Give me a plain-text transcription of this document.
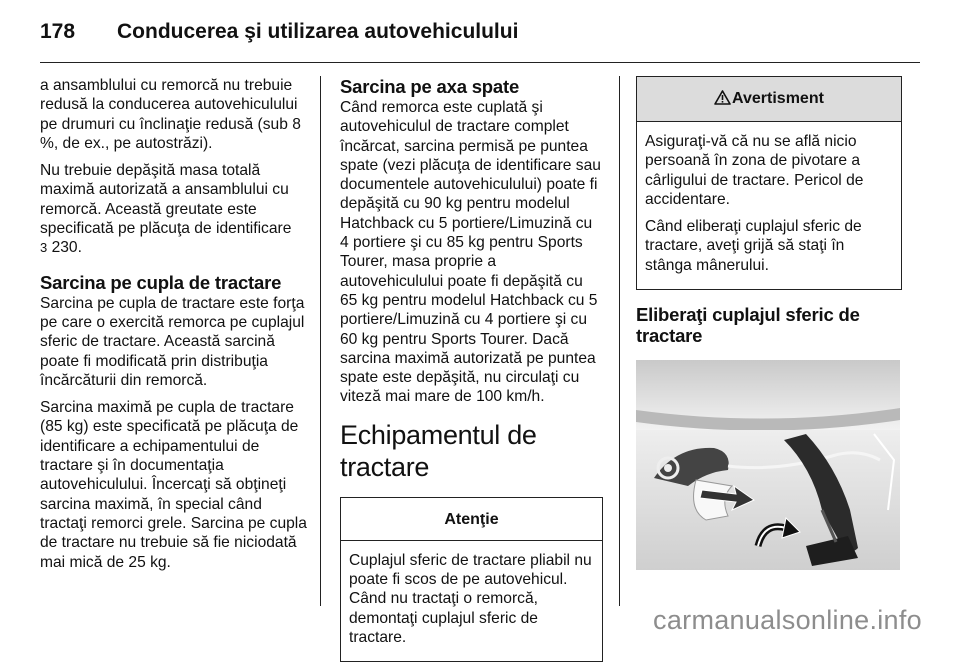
178 Conducerea şi utilizarea autovehiculului

a ansamblului cu remorcă nu trebuie redusă la conducerea autovehiculului pe drumuri cu înclinaţie redusă (sub 8 %, de ex., pe autostrăzi).

Nu trebuie depăşită masa totală maximă autorizată a ansamblului cu remorcă. Această greutate este specificată pe plăcuţa de identificare
3 230.

Sarcina pe cupla de tractare

Sarcina pe cupla de tractare este forţa pe care o exercită remorca pe cuplajul sferic de tractare. Această sarcină poate fi modificată prin distribuţia încărcăturii din remorcă.

Sarcina maximă pe cupla de tractare (85 kg) este specificată pe plăcuţa de identificare a echipamentului de tractare şi în documentaţia autovehiculului. Încercaţi să obţineţi sarcina maximă, în special când tractaţi remorci grele. Sarcina pe cupla de tractare nu trebuie să fie niciodată mai mică de 25 kg.

Sarcina pe axa spate

Când remorca este cuplată şi autovehiculul de tractare complet încărcat, sarcina permisă pe puntea spate (vezi plăcuţa de identificare sau documentele autovehiculului) poate fi depăşită cu 90 kg pentru modelul Hatchback cu 5 portiere/Limuzină cu 4 portiere şi cu 85 kg pentru Sports Tourer, masa proprie a autovehiculului poate fi depăşită cu 65 kg pentru modelul Hatchback cu 5 portiere/Limuzină cu 4 portiere şi cu 60 kg pentru Sports Tourer. Dacă sarcina maximă autorizată pe puntea spate este depăşită, nu circulaţi cu viteză mai mare de 100 km/h.

Echipamentul de tractare
Atenţie

Cuplajul sferic de tractare pliabil nu poate fi scos de pe autovehicul. Când nu tractaţi o remorcă, demontaţi cuplajul sferic de tractare.

Avertisment

Asiguraţi-vă că nu se află nicio persoană în zona de pivotare a cârligului de tractare. Pericol de accidentare.

Când eliberaţi cuplajul sferic de tractare, aveţi grijă să staţi în stânga mânerului.

Eliberaţi cuplajul sferic de tractare
carmanualsonline.info
